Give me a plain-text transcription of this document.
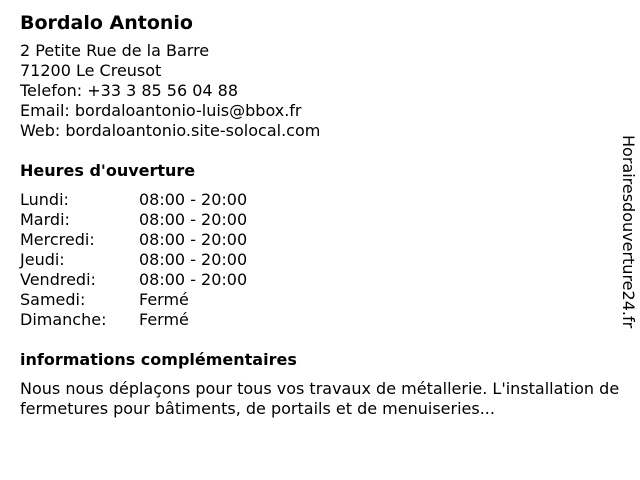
Bordalo Antonio
2 Petite Rue de la Barre
71200 Le Creusot
Telefon: +33 3 85 56 04 88
Email: bordaloantonio-luis@bbox.fr
Web: bordaloantonio.site-solocal.com
Heures d'ouverture
Lundi:	08:00 - 20:00
Mardi:	08:00 - 20:00
Mercredi:	08:00 - 20:00
Jeudi:	08:00 - 20:00
Vendredi:	08:00 - 20:00
Samedi:	Fermé
Dimanche:	Fermé
informations complémentaires
Nous nous déplaçons pour tous vos travaux de métallerie. L'installation de fermetures pour bâtiments, de portails et de menuiseries...
Horairesdouverture24.fr
